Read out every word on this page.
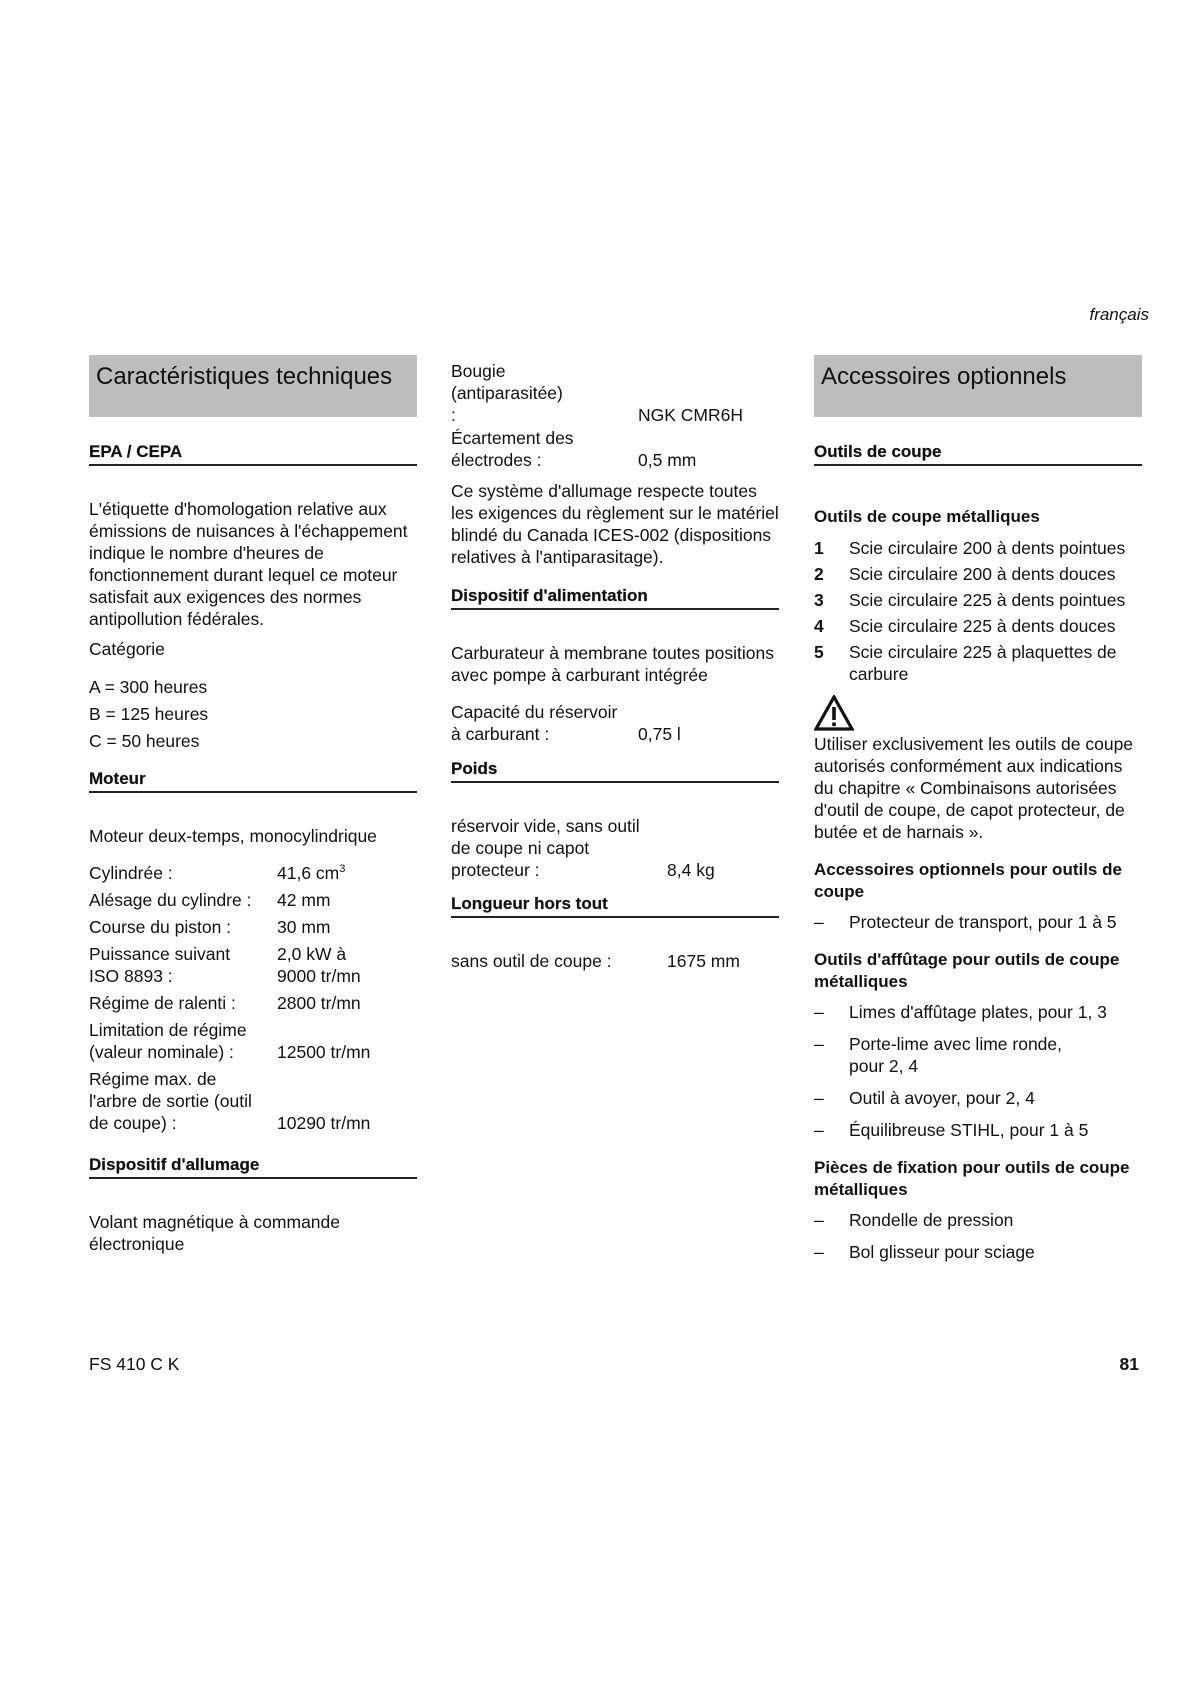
français
Caractéristiques techniques
EPA / CEPA

L'étiquette d'homologation relative aux émissions de nuisances à l'échappement indique le nombre d'heures de fonctionnement durant lequel ce moteur satisfait aux exigences des normes antipollution fédérales.

Catégorie

A = 300 heures

B = 125 heures

C = 50 heures

Moteur

Moteur deux-temps, monocylindrique

Cylindrée :	41,6 $cm^3$
Alésage du cylindre :	42 mm
Course du piston :	30 mm
Puissance suivant ISO 8893 :
2,0 kW à 9000 tr/mn
Régime de ralenti :	2800 tr/mn
Limitation de régime (valeur nominale) :	12500 tr/mn
Régime max. de l'arbre de sortie (outil de coupe) :	10290 tr/mn
Dispositif d'allumage

Volant magnétique à commande électronique

Bougie (antiparasitée) :	NGK CMR6H
Écartement des électrodes :	0,5 mm

Ce système d'allumage respecte toutes les exigences du règlement sur le matériel blindé du Canada ICES-002 (dispositions relatives à l'antiparasitage).

Dispositif d'alimentation

Carburateur à membrane toutes positions avec pompe à carburant intégrée

Capacité du réservoir à carburant :	0,75 l
Poids
réservoir vide, sans outil de coupe ni capot protecteur :	8,4 kg
Longueur hors tout
sans outil de coupe :	1675 mm
Accessoires optionnels
Outils de coupe

Outils de coupe métalliques

1	Scie circulaire 200 à dents pointues
2	Scie circulaire 200 à dents douces
3	Scie circulaire 225 à dents pointues
4	Scie circulaire 225 à dents douces
5	Scie circulaire 225 à plaquettes de carbure

Utiliser exclusivement les outils de coupe autorisés conformément aux indications du chapitre « Combinaisons autorisées d'outil de coupe, de capot protecteur, de butée et de harnais ».

Accessoires optionnels pour outils de coupe

–	Protecteur de transport, pour 1 à 5

Outils d'affûtage pour outils de coupe métalliques

–	Limes d'affûtage plates, pour 1, 3
–	Porte-lime avec lime ronde, pour 2, 4
–	Outil à avoyer, pour 2, 4
–	Équilibreuse STIHL, pour 1 à 5

Pièces de fixation pour outils de coupe métalliques

–	Rondelle de pression
–	Bol glisseur pour sciage
FS 410 C K	81
